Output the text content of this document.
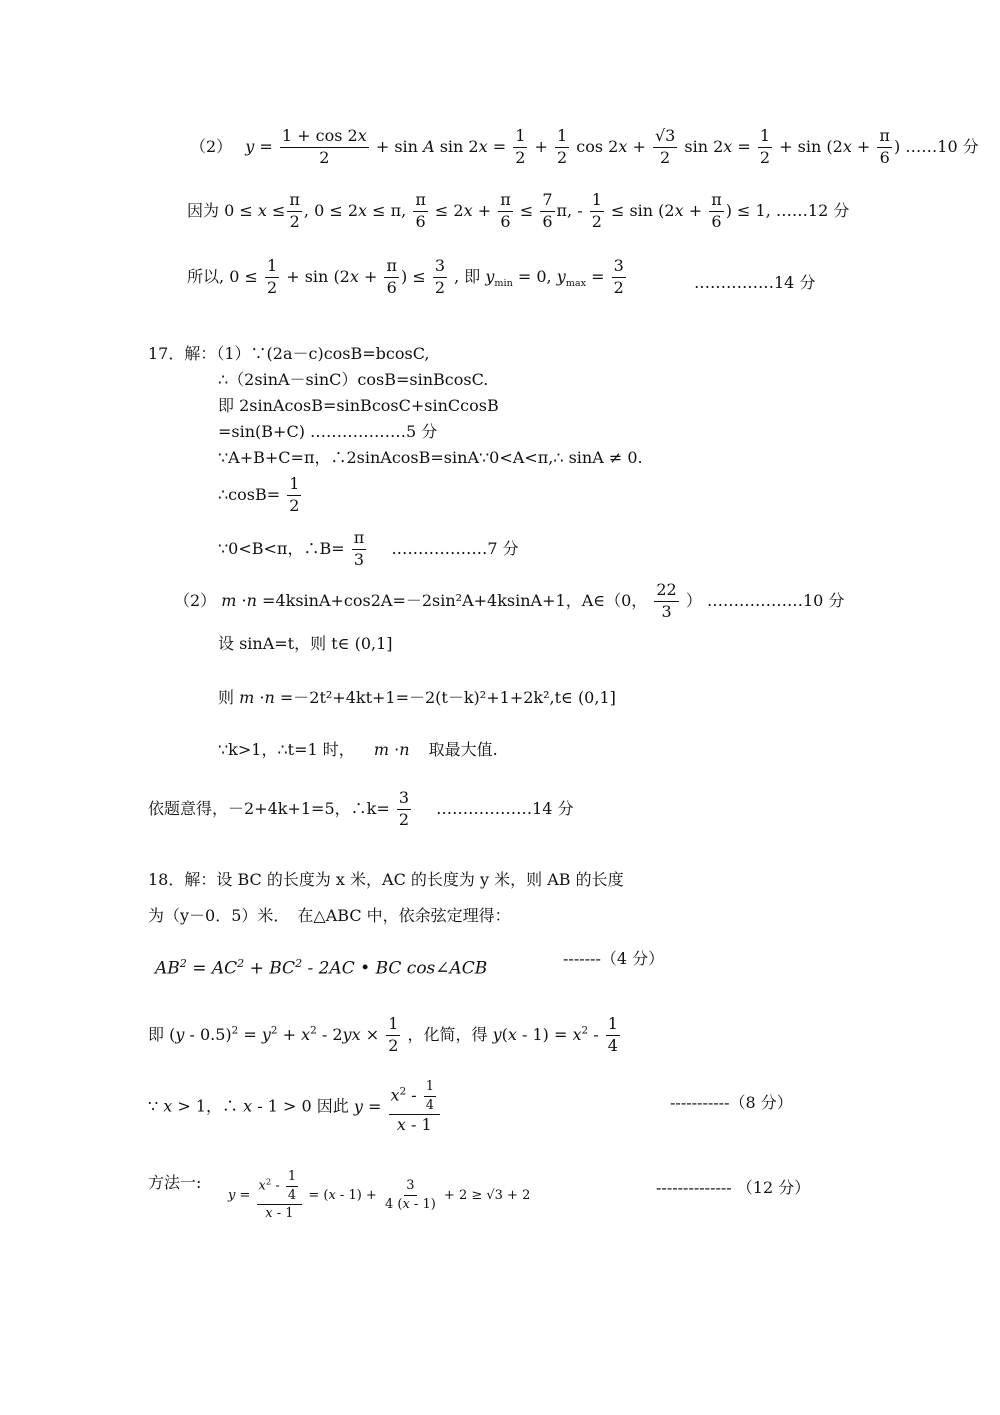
（2） $y = \frac{1 + \cos 2x}{2} + \sin A$ $\sin 2x = \frac{1}{2} + \frac{1}{2}$ $\cos 2x + \frac{√3}{2}$ $\sin 2x = \frac{1}{2} + \sin (2x + \frac{\pi}{6}$ ) ……10 分
因为 $0 \le x \le \frac{\pi}{2}$ , 0 ≤ 2x ≤ π, $\frac{\pi}{6} \le 2x + \frac{\pi}{6} \le \frac{7}{6} \pi$, - $\frac{1}{2} \le \sin (2x + \frac{\pi}{6}$ ) ≤ 1, ……12 分
所以, $0 \le \frac{1}{2} + \sin (2x + \frac{\pi}{6}$ ) ≤ $\frac{3}{2}$ , 即 $y_{min} = 0$, $y_{max} = \frac{3}{2}$	……………14 分
17．解：（1）∵(2a－c)cosB=bcosC,
∴（2sinA－sinC）cosB=sinBcosC.
即 2sinAcosB=sinBcosC+sinCcosB
=sin(B+C) ………………5 分
∵A+B+C=π，∴2sinAcosB=sinA∵0<A<π,∴ sinA ≠ 0.
∴cosB= $\frac{1}{2}$
∵0<B<π，∴B= $\frac{\pi}{3}$ ………………7 分
（2） m ·n =4ksinA+cos2A=－2sin²A+4ksinA+1，A∈（0， $\frac{22}{3}$ ） ………………10 分
设 sinA=t，则 t∈ (0,1]
则 m ·n =－2t²+4kt+1=－2(t－k)²+1+2k²,t∈ (0,1]
∵k>1，∴t=1 时， m ·n 取最大值.
依题意得，－2+4k+1=5，∴k= $\frac{3}{2}$ ………………14 分
18．解：设 BC 的长度为 x 米，AC 的长度为 y 米，则 AB 的长度
为（y－0．5）米．　在△ABC 中，依余弦定理得：
$AB^2 = AC^2 + BC^2 - 2AC$ • BC cos∠ACB
-------（4 分）
即 $(y - 0.5)^2 = y^2 + x^2 - 2yx \times \frac{1}{2}$ ，化简，得 $y(x - 1) = x^2 - \frac{1}{4}$
∵ x > 1，∴ x - 1 > 0 因此 $y = \frac{x^2 - \frac{1}{4}}{x - 1}$	-----------（8 分）
方法一:
$y = \frac{x^2 - \frac{1}{4}}{x - 1} = (x - 1) + \frac{3}{4 (x - 1)} + 2 \ge √3 + 2$	-------------- （12 分）
